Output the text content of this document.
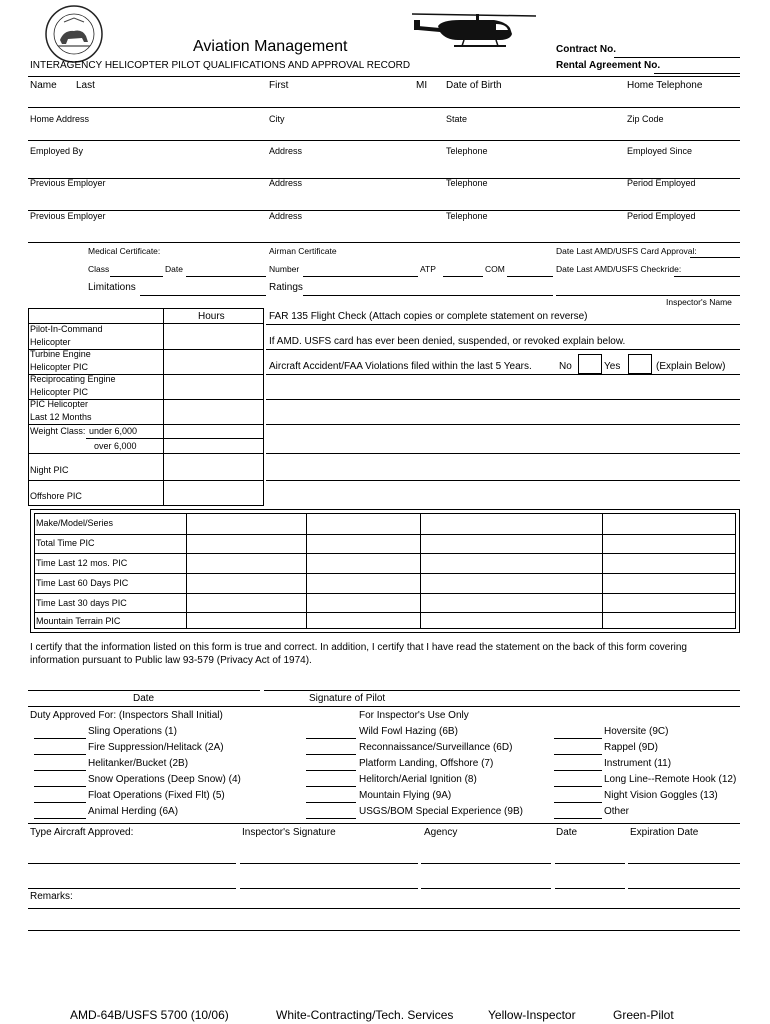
Aviation Management
INTERAGENCY HELICOPTER PILOT QUALIFICATIONS AND APPROVAL RECORD
Contract No.
Rental Agreement No.
Name Last	First	MI Date of Birth	Home Telephone
Home Address	City	State	Zip Code
Employed By	Address	Telephone	Employed Since
Previous Employer	Address	Telephone	Period Employed
Previous Employer	Address	Telephone	Period Employed
Medical Certificate:	Airman Certificate	Date Last AMD/USFS Card Approval:
Class	Date	Number	ATP	COM	Date Last AMD/USFS Checkride:
Limitations	Ratings
Inspector's Name
Hours
Pilot-In-Command
Helicopter
Turbine Engine
Helicopter PIC
Reciprocating Engine
Helicopter PIC
PIC Helicopter
Last 12 Months
Weight Class: under 6,000
over 6,000
Night PIC
Offshore PIC
FAR 135 Flight Check (Attach copies or complete statement on reverse)
If AMD. USFS card has ever been denied, suspended, or revoked explain below.
Aircraft Accident/FAA Violations filed within the last 5 Years.	No	Yes	(Explain Below)
Make/Model/Series
Total Time PIC
Time Last 12 mos. PIC
Time Last 60 Days PIC
Time Last 30 days PIC
Mountain Terrain PIC
I certify that the information listed on this form is true and correct. In addition, I certify that I have read the statement on the back of this form covering
information pursuant to Public law 93-579 (Privacy Act of 1974).
Date	Signature of Pilot
Duty Approved For: (Inspectors Shall Initial)	For Inspector's Use Only
Sling Operations (1)
Fire Suppression/Helitack (2A)
Helitanker/Bucket (2B)
Snow Operations (Deep Snow) (4)
Float Operations (Fixed Flt) (5)
Animal Herding (6A)
Wild Fowl Hazing (6B)
Reconnaissance/Surveillance (6D)
Platform Landing, Offshore (7)
Helitorch/Aerial Ignition (8)
Mountain Flying (9A)
USGS/BOM Special Experience (9B)
Hoversite (9C)
Rappel (9D)
Instrument (11)
Long Line--Remote Hook (12)
Night Vision Goggles (13)
Other
Type Aircraft Approved:	Inspector's Signature	Agency	Date	Expiration Date
Remarks:
AMD-64B/USFS 5700 (10/06)	White-Contracting/Tech. Services	Yellow-Inspector	Green-Pilot
